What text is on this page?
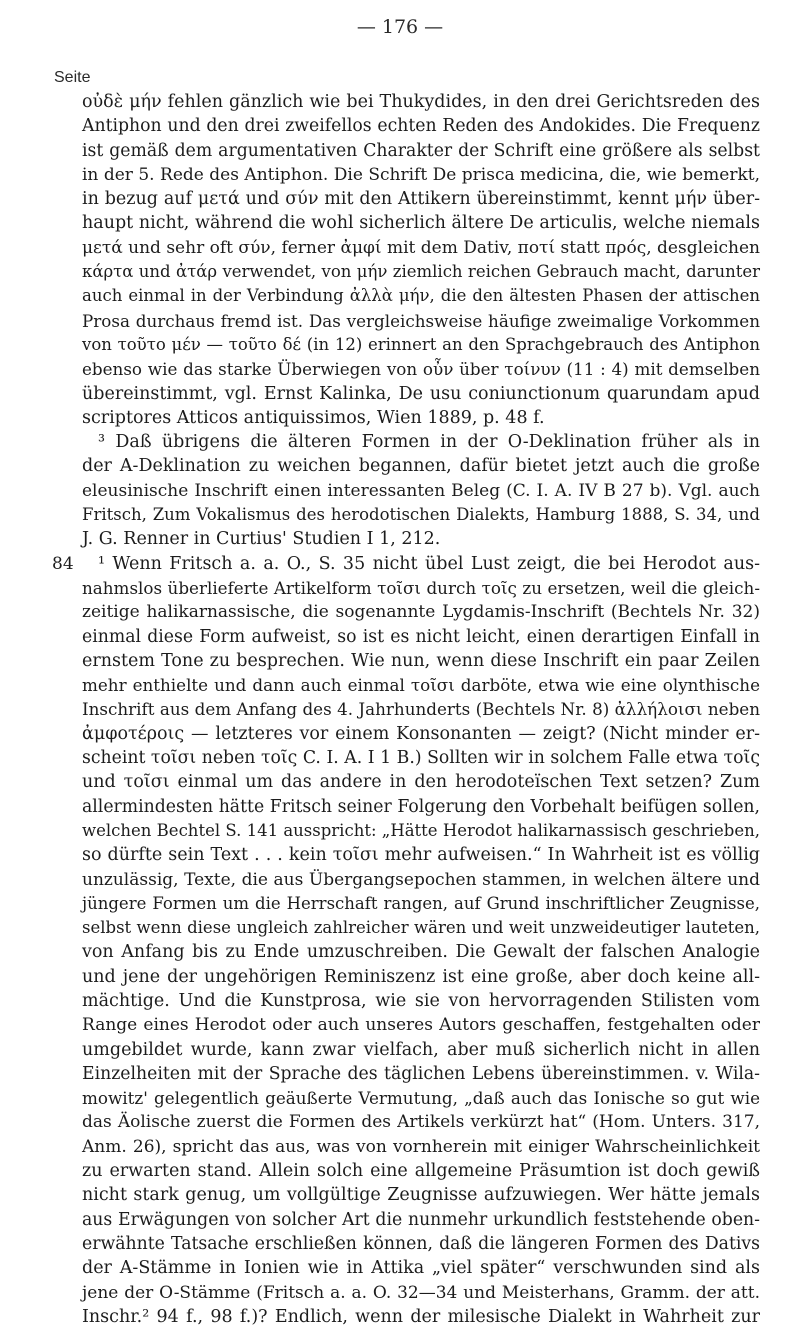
— 176 —
Seite
οὐδὲ μήν fehlen gänzlich wie bei Thukydides, in den drei Gerichtsreden des
Antiphon und den drei zweifellos echten Reden des Andokides. Die Frequenz
ist gemäß dem argumentativen Charakter der Schrift eine größere als selbst
in der 5. Rede des Antiphon. Die Schrift De prisca medicina, die, wie bemerkt,
in bezug auf μετά und σύν mit den Attikern übereinstimmt, kennt μήν über-
haupt nicht, während die wohl sicherlich ältere De articulis, welche niemals
μετά und sehr oft σύν, ferner ἀμφί mit dem Dativ, ποτί statt πρός, desgleichen
κάρτα und ἀτάρ verwendet, von μήν ziemlich reichen Gebrauch macht, darunter
auch einmal in der Verbindung ἀλλὰ μήν, die den ältesten Phasen der attischen
Prosa durchaus fremd ist. Das vergleichsweise häufige zweimalige Vorkommen
von τοῦτο μέν — τοῦτο δέ (in 12) erinnert an den Sprachgebrauch des Antiphon
ebenso wie das starke Überwiegen von οὖν über τοίνυν (11 : 4) mit demselben
übereinstimmt, vgl. Ernst Kalinka, De usu coniunctionum quarundam apud
scriptores Atticos antiquissimos, Wien 1889, p. 48 f.
³ Daß übrigens die älteren Formen in der O-Deklination früher als in
der A-Deklination zu weichen begannen, dafür bietet jetzt auch die große
eleusinische Inschrift einen interessanten Beleg (C. I. A. IV B 27 b). Vgl. auch
Fritsch, Zum Vokalismus des herodotischen Dialekts, Hamburg 1888, S. 34, und
J. G. Renner in Curtius' Studien I 1, 212.
84 ¹ Wenn Fritsch a. a. O., S. 35 nicht übel Lust zeigt, die bei Herodot aus-
nahmslos überlieferte Artikelform τοῖσι durch τοῖς zu ersetzen, weil die gleich-
zeitige halikarnassische, die sogenannte Lygdamis-Inschrift (Bechtels Nr. 32)
einmal diese Form aufweist, so ist es nicht leicht, einen derartigen Einfall in
ernstem Tone zu besprechen. Wie nun, wenn diese Inschrift ein paar Zeilen
mehr enthielte und dann auch einmal τοῖσι darböte, etwa wie eine olynthische
Inschrift aus dem Anfang des 4. Jahrhunderts (Bechtels Nr. 8) ἀλλήλοισι neben
ἀμφοτέροις — letzteres vor einem Konsonanten — zeigt? (Nicht minder er-
scheint τοῖσι neben τοῖς C. I. A. I 1 B.) Sollten wir in solchem Falle etwa τοῖς
und τοῖσι einmal um das andere in den herodoteïschen Text setzen? Zum
allermindesten hätte Fritsch seiner Folgerung den Vorbehalt beifügen sollen,
welchen Bechtel S. 141 ausspricht: „Hätte Herodot halikarnassisch geschrieben,
so dürfte sein Text . . . kein τοῖσι mehr aufweisen.“ In Wahrheit ist es völlig
unzulässig, Texte, die aus Übergangsepochen stammen, in welchen ältere und
jüngere Formen um die Herrschaft rangen, auf Grund inschriftlicher Zeugnisse,
selbst wenn diese ungleich zahlreicher wären und weit unzweideutiger lauteten,
von Anfang bis zu Ende umzuschreiben. Die Gewalt der falschen Analogie
und jene der ungehörigen Reminiszenz ist eine große, aber doch keine all-
mächtige. Und die Kunstprosa, wie sie von hervorragenden Stilisten vom
Range eines Herodot oder auch unseres Autors geschaffen, festgehalten oder
umgebildet wurde, kann zwar vielfach, aber muß sicherlich nicht in allen
Einzelheiten mit der Sprache des täglichen Lebens übereinstimmen. v. Wila-
mowitz' gelegentlich geäußerte Vermutung, „daß auch das Ionische so gut wie
das Äolische zuerst die Formen des Artikels verkürzt hat“ (Hom. Unters. 317,
Anm. 26), spricht das aus, was von vornherein mit einiger Wahrscheinlichkeit
zu erwarten stand. Allein solch eine allgemeine Präsumtion ist doch gewiß
nicht stark genug, um vollgültige Zeugnisse aufzuwiegen. Wer hätte jemals
aus Erwägungen von solcher Art die nunmehr urkundlich feststehende oben-
erwähnte Tatsache erschließen können, daß die längeren Formen des Dativs
der A-Stämme in Ionien wie in Attika „viel später“ verschwunden sind als
jene der O-Stämme (Fritsch a. a. O. 32—34 und Meisterhans, Gramm. der att.
Inschr.² 94 f., 98 f.)? Endlich, wenn der milesische Dialekt in Wahrheit zur
